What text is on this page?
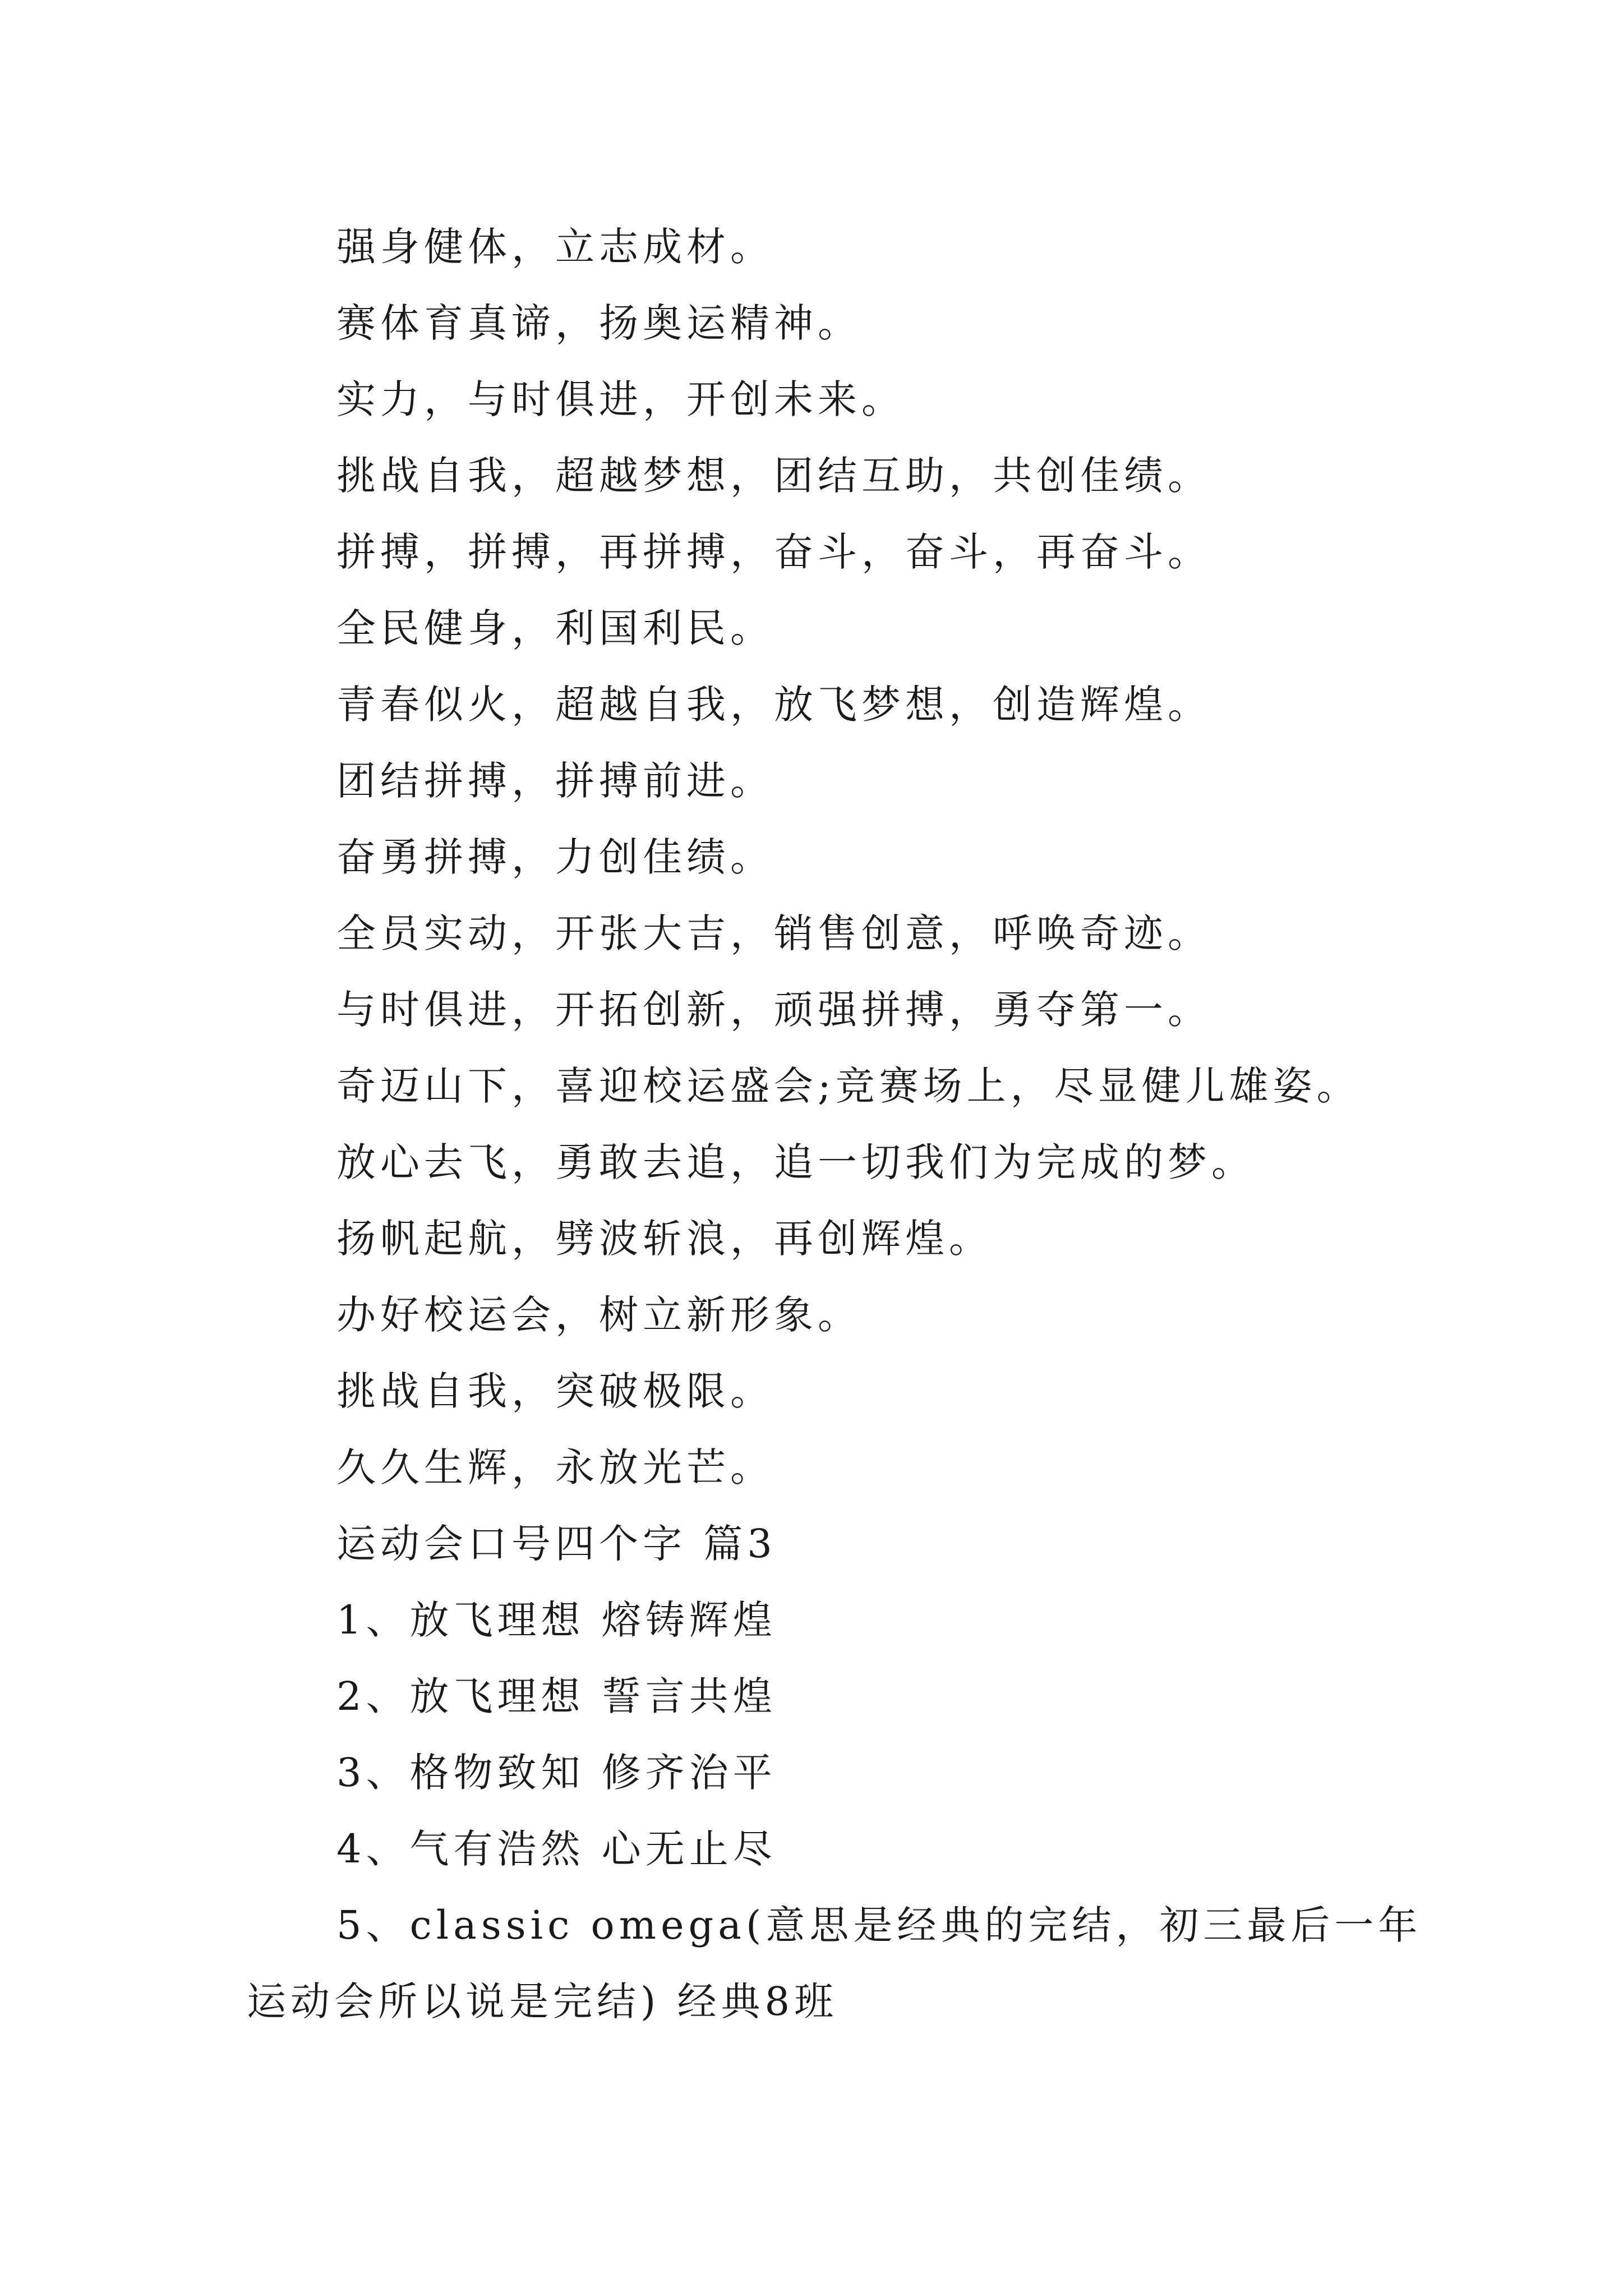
强身健体，立志成材。
赛体育真谛，扬奥运精神。
实力，与时俱进，开创未来。
挑战自我，超越梦想，团结互助，共创佳绩。
拼搏，拼搏，再拼搏，奋斗，奋斗，再奋斗。
全民健身，利国利民。
青春似火，超越自我，放飞梦想，创造辉煌。
团结拼搏，拼搏前进。
奋勇拼搏，力创佳绩。
全员实动，开张大吉，销售创意，呼唤奇迹。
与时俱进，开拓创新，顽强拼搏，勇夺第一。
奇迈山下，喜迎校运盛会;竞赛场上，尽显健儿雄姿。
放心去飞，勇敢去追，追一切我们为完成的梦。
扬帆起航，劈波斩浪，再创辉煌。
办好校运会，树立新形象。
挑战自我，突破极限。
久久生辉，永放光芒。
运动会口号四个字 篇3
1、放飞理想 熔铸辉煌
2、放飞理想 誓言共煌
3、格物致知 修齐治平
4、气有浩然 心无止尽
5、classic omega(意思是经典的完结，初三最后一年
运动会所以说是完结) 经典8班
